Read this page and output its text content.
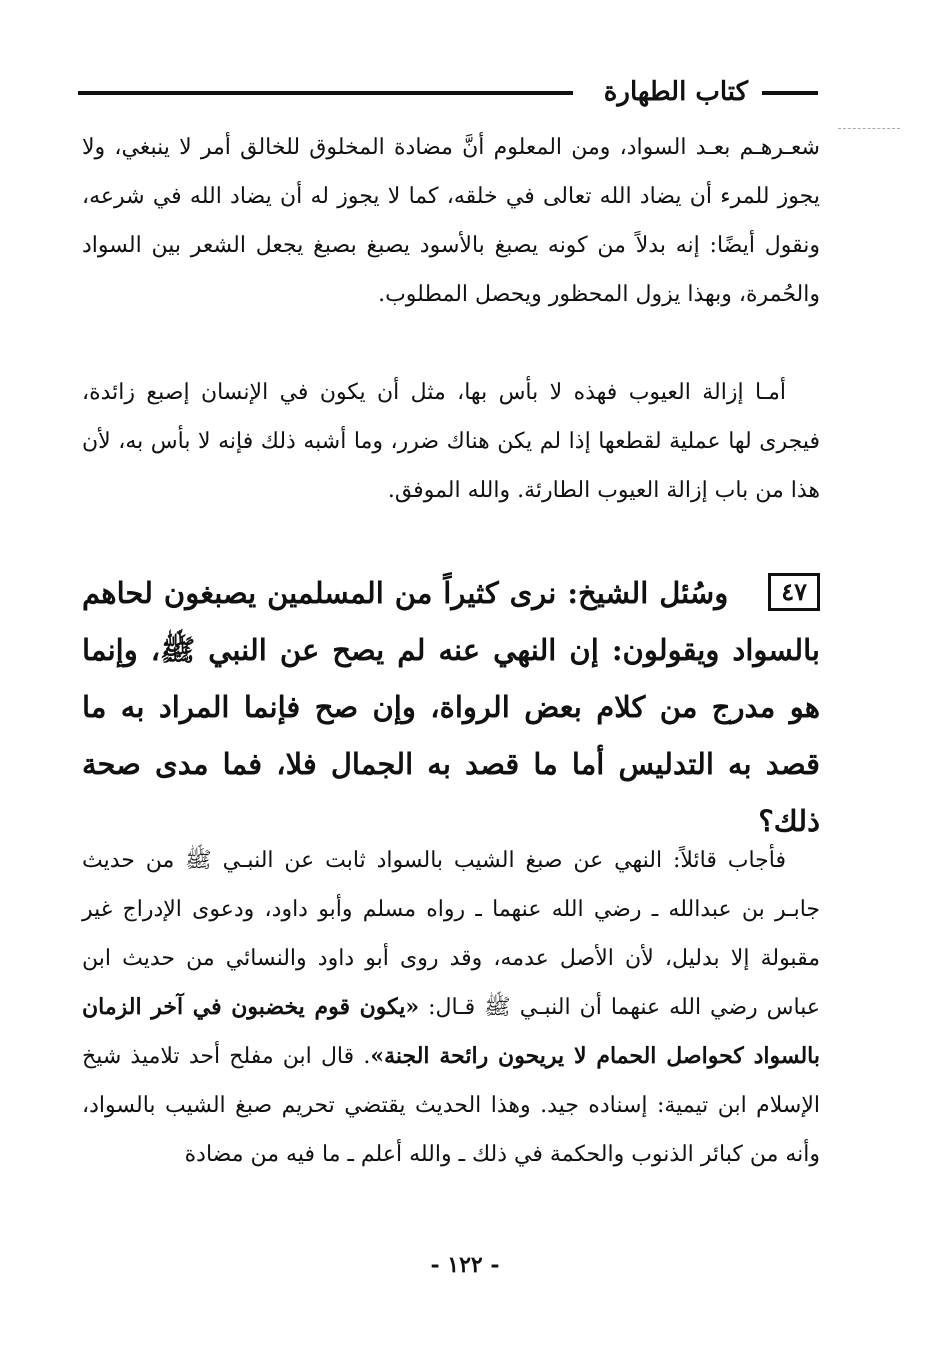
كتاب الطهارة

شعـرهـم بعـد السواد، ومن المعلوم أنَّ مضادة المخلوق للخالق أمر لا ينبغي، ولا يجوز للمرء أن يضاد الله تعالى في خلقه، كما لا يجوز له أن يضاد الله في شرعه، ونقول أيضًا: إنه بدلاً من كونه يصبغ بالأسود يصبغ بصبغ يجعل الشعر بين السواد والحُمرة، وبهذا يزول المحظور ويحصل المطلوب.

أمـا إزالة العيوب فهذه لا بأس بها، مثل أن يكون في الإنسان إصبع زائدة، فيجرى لها عملية لقطعها إذا لم يكن هناك ضرر، وما أشبه ذلك فإنه لا بأس به، لأن هذا من باب إزالة العيوب الطارئة. والله الموفق.

٤٧وسُئل الشيخ: نرى كثيراً من المسلمين يصبغون لحاهم بالسواد ويقولون: إن النهي عنه لم يصح عن النبي ﷺ، وإنما هو مدرج من كلام بعض الرواة، وإن صح فإنما المراد به ما قصد به التدليس أما ما قصد به الجمال فلا، فما مدى صحة ذلك؟

فأجاب قائلاً: النهي عن صبغ الشيب بالسواد ثابت عن النبـي ﷺ من حديث جابـر بن عبدالله ـ رضي الله عنهما ـ رواه مسلم وأبو داود، ودعوى الإدراج غير مقبولة إلا بدليل، لأن الأصل عدمه، وقد روى أبو داود والنسائي من حديث ابن عباس رضي الله عنهما أن النبـي ﷺ قـال: «يكون قوم يخضبون في آخر الزمان بالسواد كحواصل الحمام لا يريحون رائحة الجنة». قال ابن مفلح أحد تلاميذ شيخ الإسلام ابن تيمية: إسناده جيد. وهذا الحديث يقتضي تحريم صبغ الشيب بالسواد، وأنه من كبائر الذنوب والحكمة في ذلك ـ والله أعلم ـ ما فيه من مضادة

- ١٢٢ -
